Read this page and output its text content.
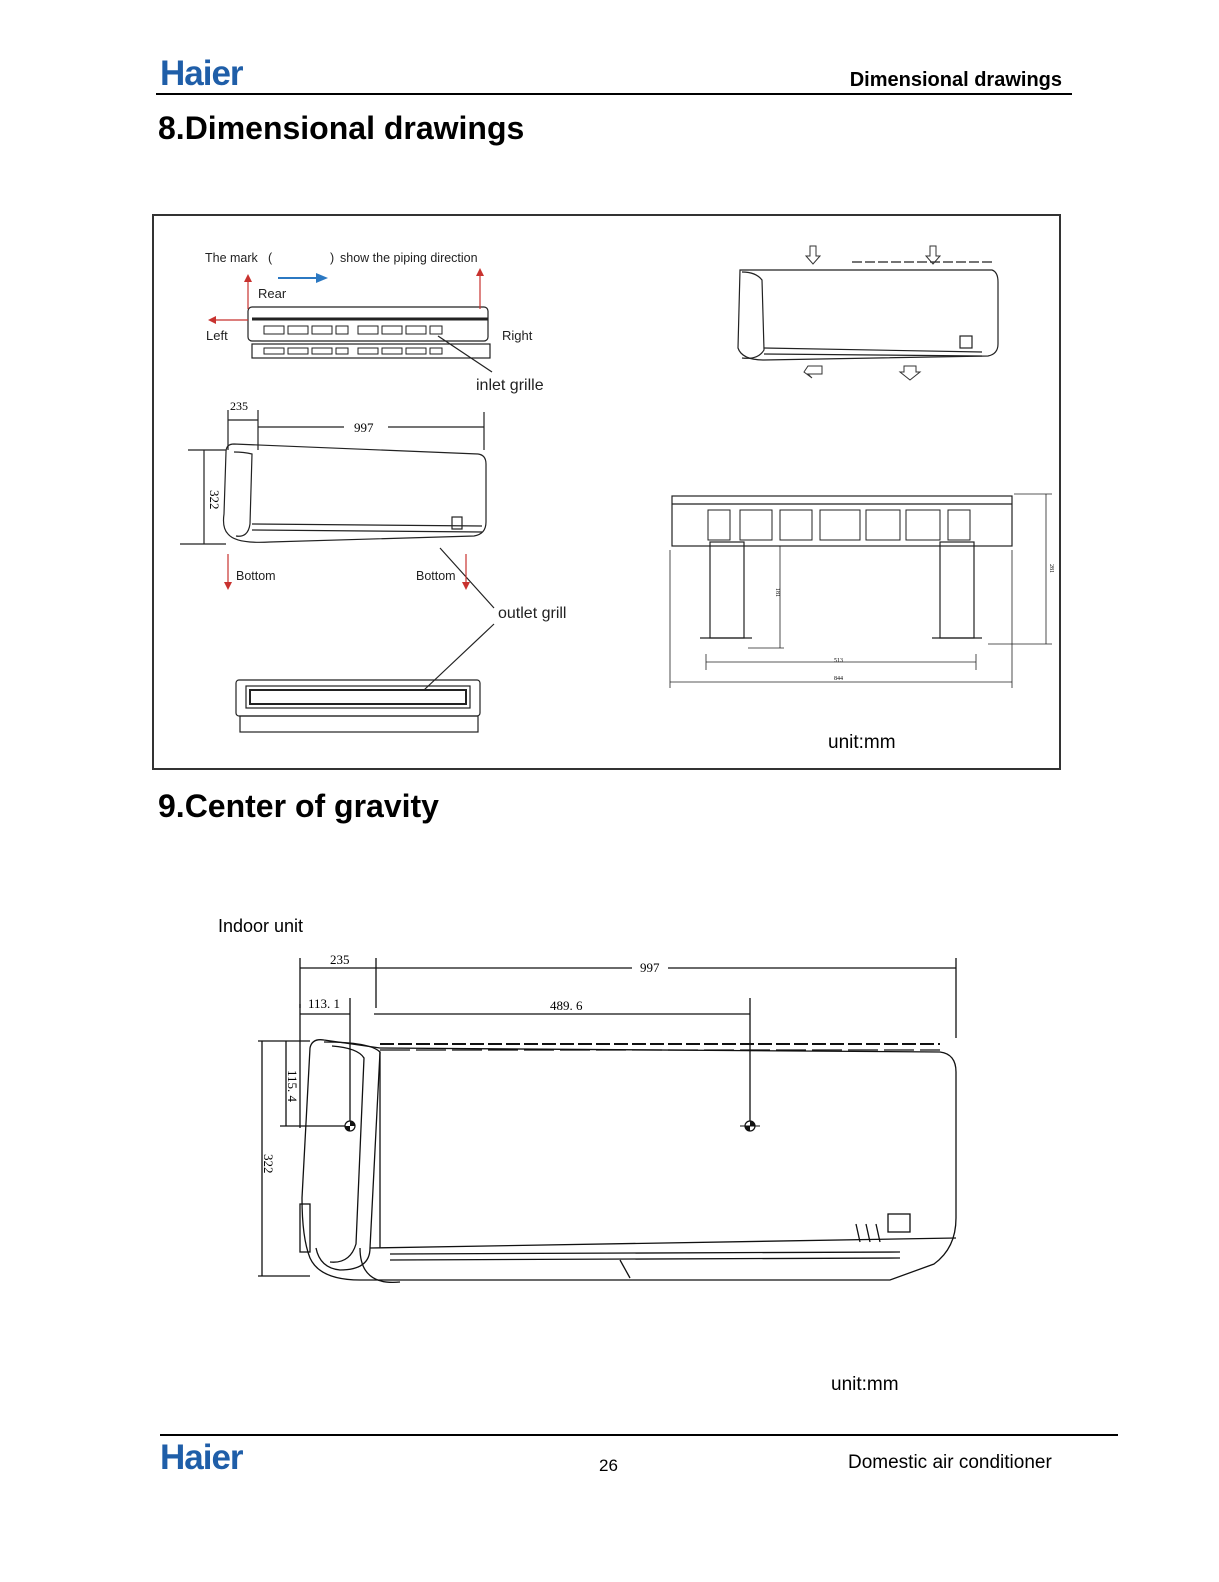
Haier	Dimensional drawings
8.Dimensional drawings
The mark (	) show the piping direction
Rear
Left	Right
inlet grille
235
997
322
Bottom	Bottom
outlet grill
513
844
281
181
unit:mm
9.Center of gravity
Indoor unit
235
997
113. 1	489. 6
115. 4
322
unit:mm
Haier	26	Domestic air conditioner
